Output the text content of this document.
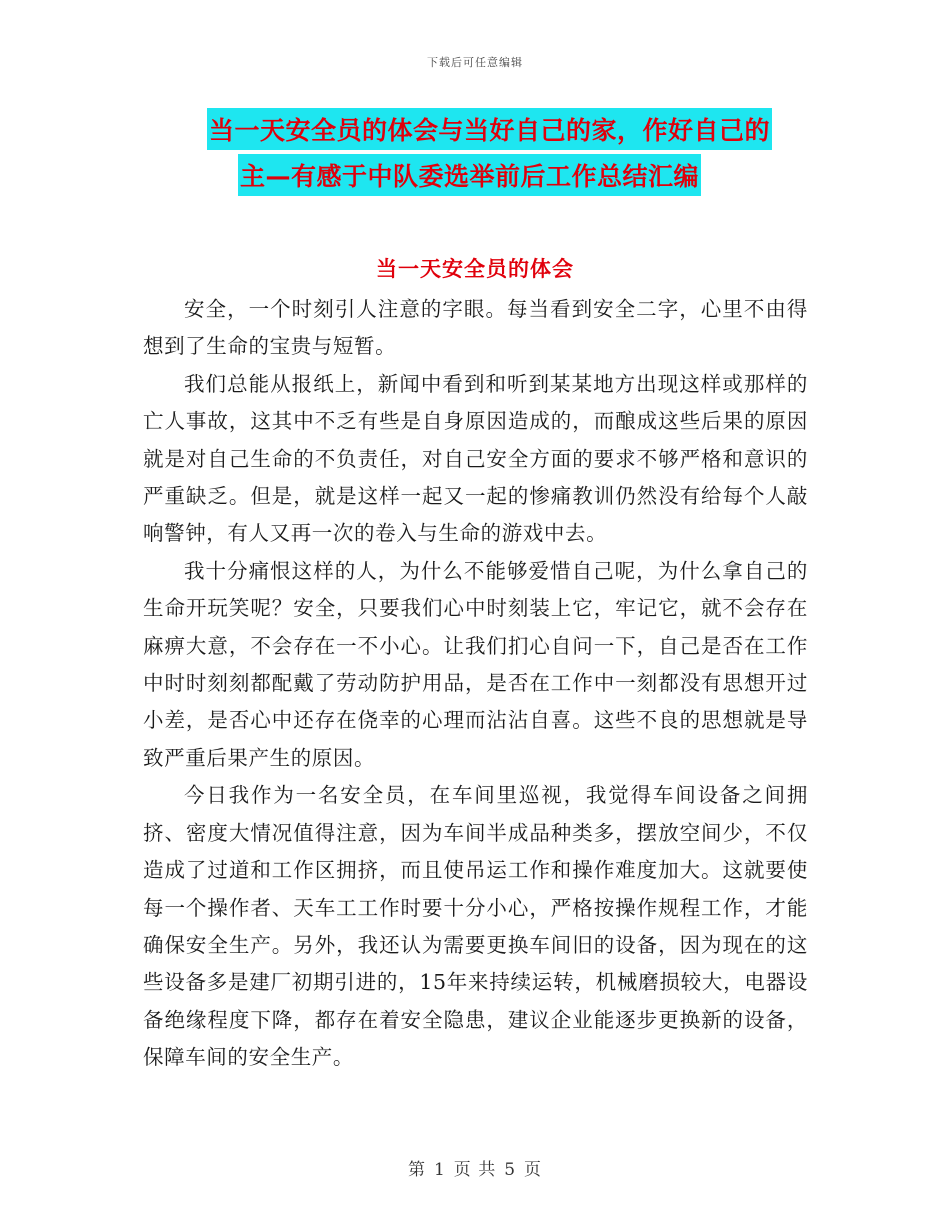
下载后可任意编辑
当一天安全员的体会与当好自己的家，作好自己的
主—有感于中队委选举前后工作总结汇编
当一天安全员的体会

安全，一个时刻引人注意的字眼。每当看到安全二字，心里不由得想到了生命的宝贵与短暂。

我们总能从报纸上，新闻中看到和听到某某地方出现这样或那样的亡人事故，这其中不乏有些是自身原因造成的，而酿成这些后果的原因就是对自己生命的不负责任，对自己安全方面的要求不够严格和意识的严重缺乏。但是，就是这样一起又一起的惨痛教训仍然没有给每个人敲响警钟，有人又再一次的卷入与生命的游戏中去。

我十分痛恨这样的人，为什么不能够爱惜自己呢，为什么拿自己的生命开玩笑呢？安全，只要我们心中时刻装上它，牢记它，就不会存在麻痹大意，不会存在一不小心。让我们扪心自问一下，自己是否在工作中时时刻刻都配戴了劳动防护用品，是否在工作中一刻都没有思想开过小差，是否心中还存在侥幸的心理而沾沾自喜。这些不良的思想就是导致严重后果产生的原因。

今日我作为一名安全员，在车间里巡视，我觉得车间设备之间拥挤、密度大情况值得注意，因为车间半成品种类多，摆放空间少，不仅造成了过道和工作区拥挤，而且使吊运工作和操作难度加大。这就要使每一个操作者、天车工工作时要十分小心，严格按操作规程工作，才能确保安全生产。另外，我还认为需要更换车间旧的设备，因为现在的这些设备多是建厂初期引进的，15年来持续运转，机械磨损较大，电器设备绝缘程度下降，都存在着安全隐患，建议企业能逐步更换新的设备，保障车间的安全生产。

第 1 页 共 5 页
